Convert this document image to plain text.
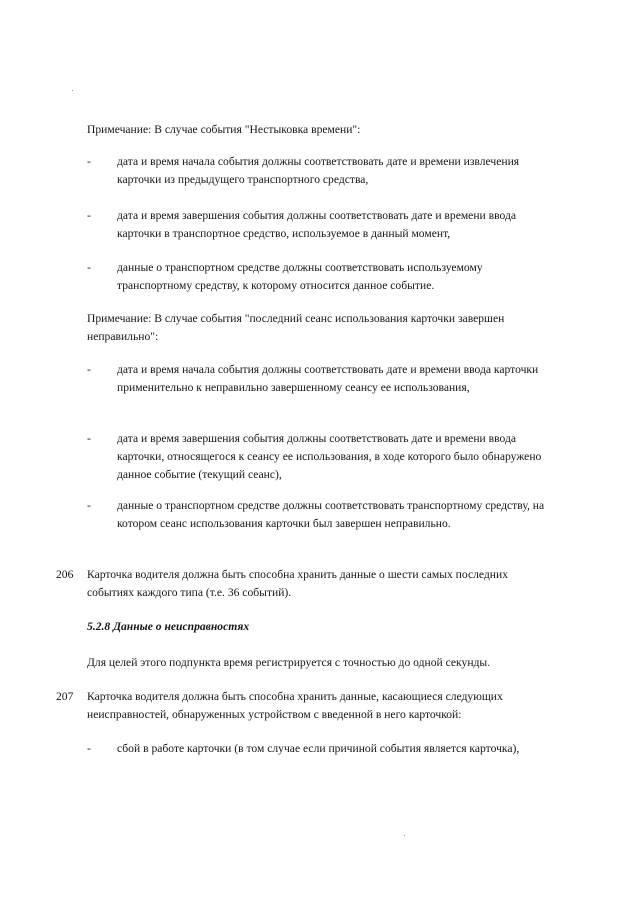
Примечание: В случае события "Нестыковка времени":

- дата и время начала события должны соответствовать дате и времени извлечения карточки из предыдущего транспортного средства,

- дата и время завершения события должны соответствовать дате и времени ввода карточки в транспортное средство, используемое в данный момент,

- данные о транспортном средстве должны соответствовать используемому транспортному средству, к которому относится данное событие.

Примечание: В случае события "последний сеанс использования карточки завершен неправильно":

- дата и время начала события должны соответствовать дате и времени ввода карточки применительно к неправильно завершенному сеансу ее использования,

- дата и время завершения события должны соответствовать дате и времени ввода карточки, относящегося к сеансу ее использования, в ходе которого было обнаружено данное событие (текущий сеанс),

- данные о транспортном средстве должны соответствовать транспортному средству, на котором сеанс использования карточки был завершен неправильно.

206 Карточка водителя должна быть способна хранить данные о шести самых последних событиях каждого типа (т.е. 36 событий).

5.2.8 Данные о неисправностях

Для целей этого подпункта время регистрируется с точностью до одной секунды.

207 Карточка водителя должна быть способна хранить данные, касающиеся следующих неисправностей, обнаруженных устройством с введенной в него карточкой:

- сбой в работе карточки (в том случае если причиной события является карточка),
